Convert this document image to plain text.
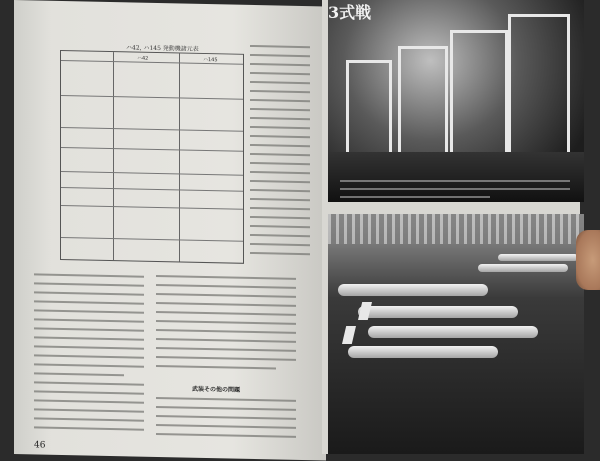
ハ42, ハ145 発動機諸元表
ハ42	ハ145
武装その他の問題
46
3式戦
